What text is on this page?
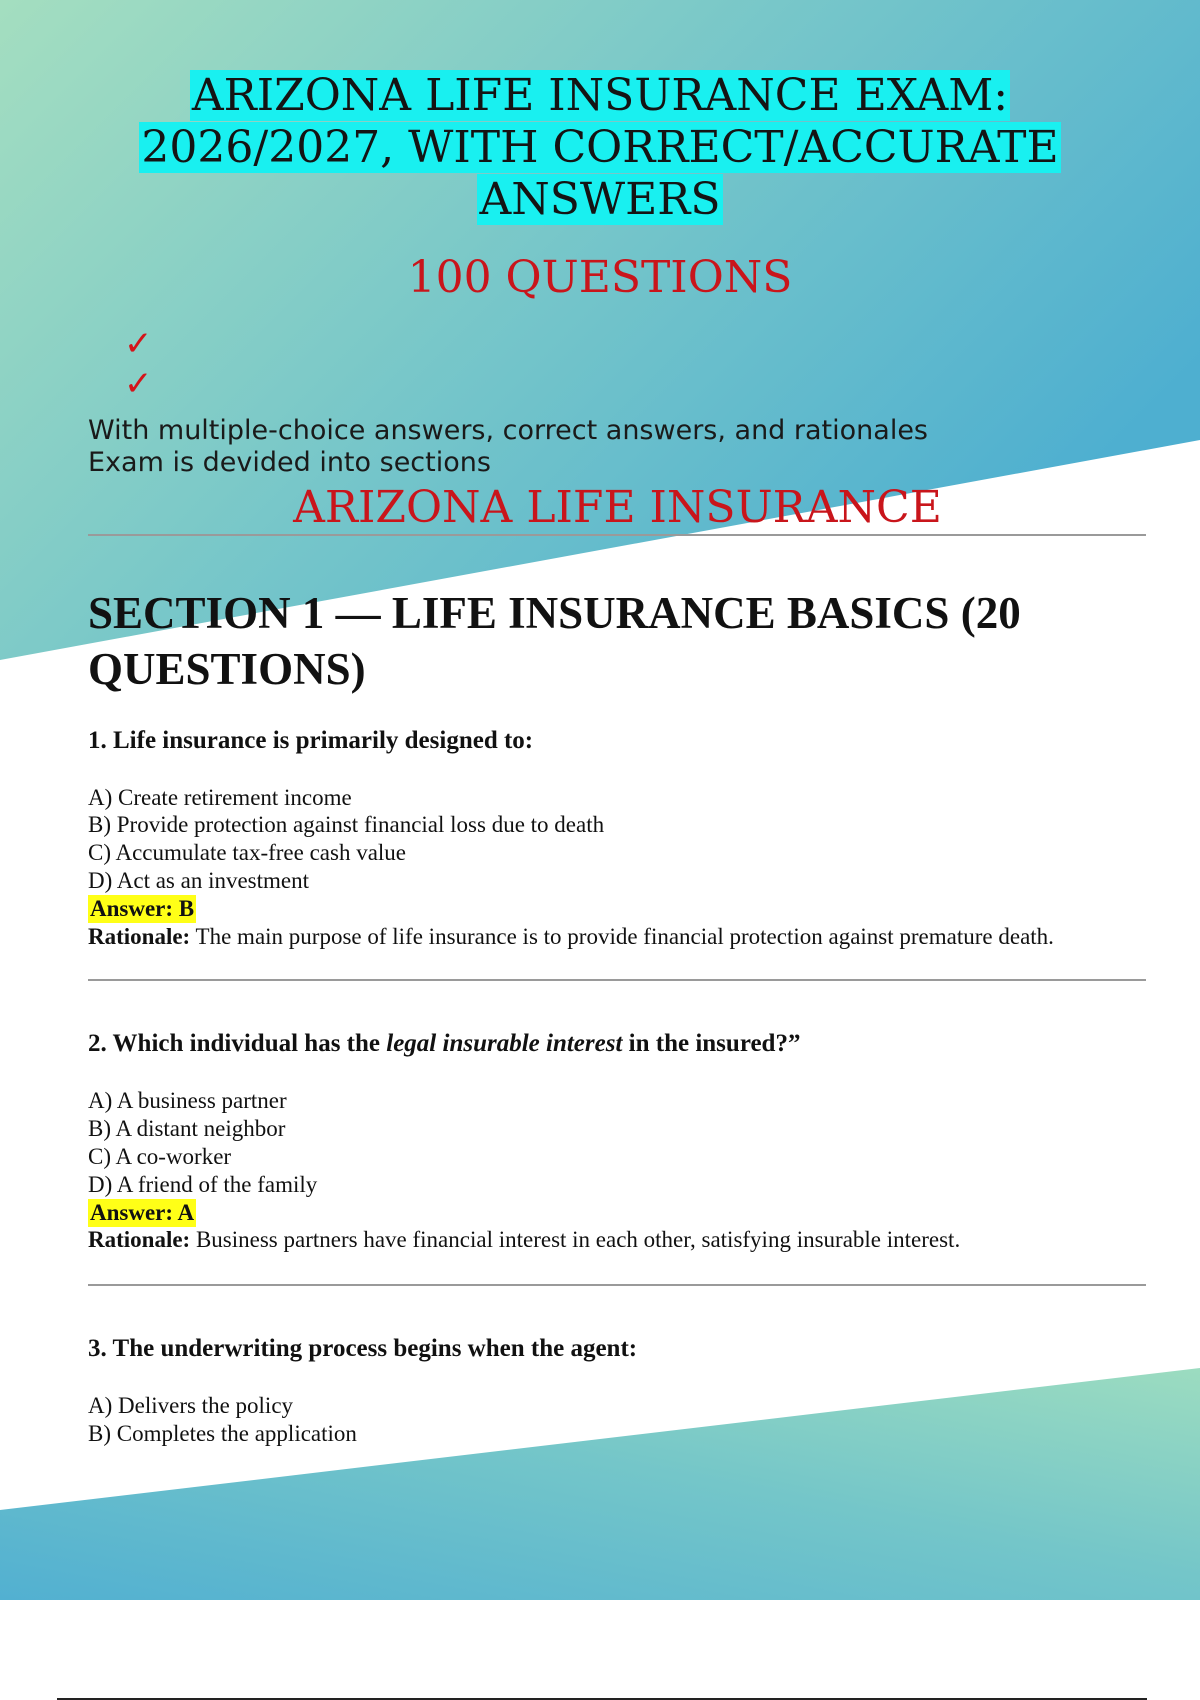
ARIZONA LIFE INSURANCE EXAM:
2026/2027, WITH CORRECT/ACCURATE
ANSWERS
100 QUESTIONS
✓
✓
With multiple-choice answers, correct answers, and rationales
Exam is devided into sections
ARIZONA LIFE INSURANCE
SECTION 1 — LIFE INSURANCE BASICS (20
QUESTIONS)
1. Life insurance is primarily designed to:
A) Create retirement income
B) Provide protection against financial loss due to death
C) Accumulate tax-free cash value
D) Act as an investment
Answer: B
Rationale: The main purpose of life insurance is to provide financial protection against premature death.
2. Which individual has the legal insurable interest in the insured?”
A) A business partner
B) A distant neighbor
C) A co-worker
D) A friend of the family
Answer: A
Rationale: Business partners have financial interest in each other, satisfying insurable interest.
3. The underwriting process begins when the agent:
A) Delivers the policy
B) Completes the application
